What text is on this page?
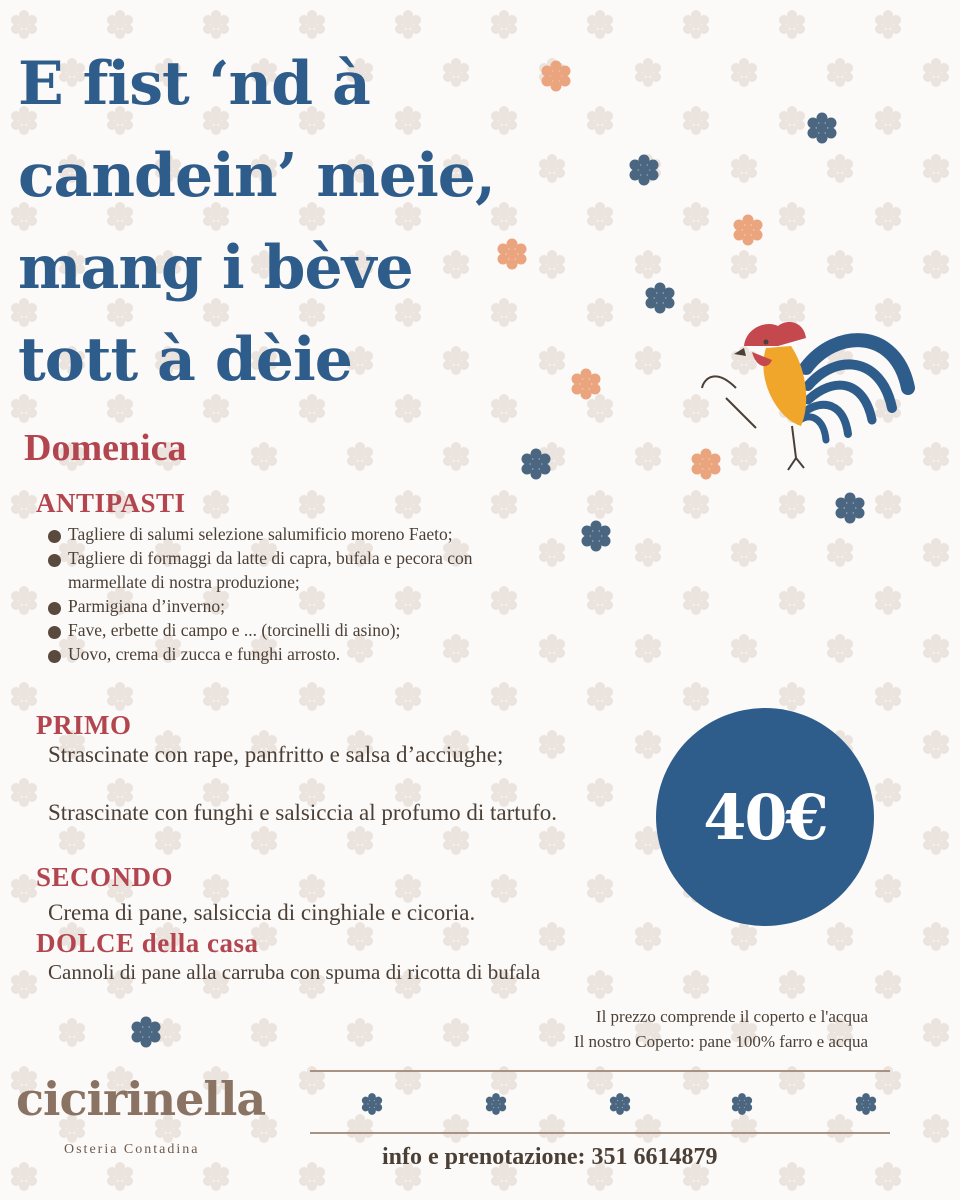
E fist ‘nd à
candein’ meie,
mang i bève
tott à dèie
Domenica
ANTIPASTI
Tagliere di salumi selezione salumificio moreno Faeto;
Tagliere di formaggi da latte di capra, bufala e pecora con marmellate di nostra produzione;
Parmigiana d’inverno;
Fave, erbette di campo e ... (torcinelli di asino);
Uovo, crema di zucca e funghi arrosto.
PRIMO

Strascinate con rape, panfritto e salsa d’acciughe;

Strascinate con funghi e salsiccia al profumo di tartufo.

SECONDO

Crema di pane, salsiccia di cinghiale e cicoria.

DOLCE della casa

Cannoli di pane alla carruba con spuma di ricotta di bufala

40€
Il prezzo comprende il coperto e l'acqua
Il nostro Coperto: pane 100% farro e acqua
cicirinella
Osteria Contadina	info e prenotazione: 351 6614879
